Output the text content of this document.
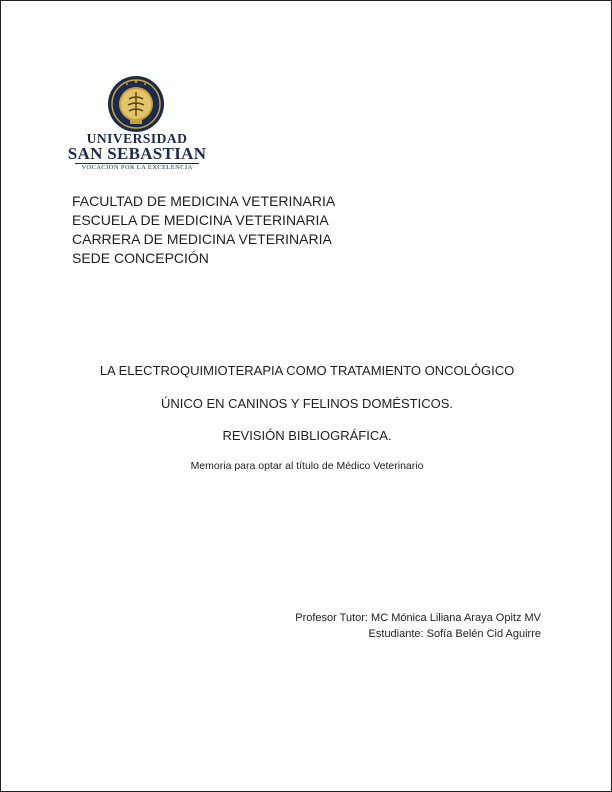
UNIVERSIDAD
SAN SEBASTIAN
VOCACIÓN POR LA EXCELENCIA
FACULTAD DE MEDICINA VETERINARIA
ESCUELA DE MEDICINA VETERINARIA
CARRERA DE MEDICINA VETERINARIA
SEDE CONCEPCIÓN
LA ELECTROQUIMIOTERAPIA COMO TRATAMIENTO ONCOLÓGICO
ÚNICO EN CANINOS Y FELINOS DOMÉSTICOS.
REVISIÓN BIBLIOGRÁFICA.
Memoria para optar al título de Médico Veterinario
Profesor Tutor: MC Mónica Liliana Araya Opitz MV
Estudiante: Sofía Belén Cid Aguirre
